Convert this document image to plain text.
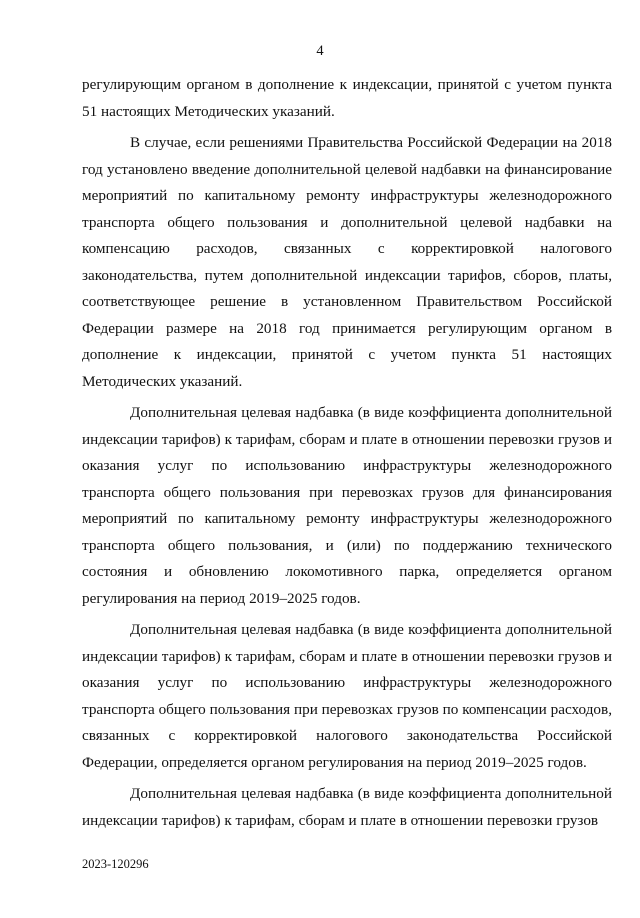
4

регулирующим органом в дополнение к индексации, принятой с учетом пункта 51 настоящих Методических указаний.

В случае, если решениями Правительства Российской Федерации на 2018 год установлено введение дополнительной целевой надбавки на финансирование мероприятий по капитальному ремонту инфраструктуры железнодорожного транспорта общего пользования и дополнительной целевой надбавки на компенсацию расходов, связанных с корректировкой налогового законодательства, путем дополнительной индексации тарифов, сборов, платы, соответствующее решение в установленном Правительством Российской Федерации размере на 2018 год принимается регулирующим органом в дополнение к индексации, принятой с учетом пункта 51 настоящих Методических указаний.

Дополнительная целевая надбавка (в виде коэффициента дополнительной индексации тарифов) к тарифам, сборам и плате в отношении перевозки грузов и оказания услуг по использованию инфраструктуры железнодорожного транспорта общего пользования при перевозках грузов для финансирования мероприятий по капитальному ремонту инфраструктуры железнодорожного транспорта общего пользования, и (или) по поддержанию технического состояния и обновлению локомотивного парка, определяется органом регулирования на период 2019–2025 годов.

Дополнительная целевая надбавка (в виде коэффициента дополнительной индексации тарифов) к тарифам, сборам и плате в отношении перевозки грузов и оказания услуг по использованию инфраструктуры железнодорожного транспорта общего пользования при перевозках грузов по компенсации расходов, связанных с корректировкой налогового законодательства Российской Федерации, определяется органом регулирования на период 2019–2025 годов.

Дополнительная целевая надбавка (в виде коэффициента дополнительной индексации тарифов) к тарифам, сборам и плате в отношении перевозки грузов

2023-120296
